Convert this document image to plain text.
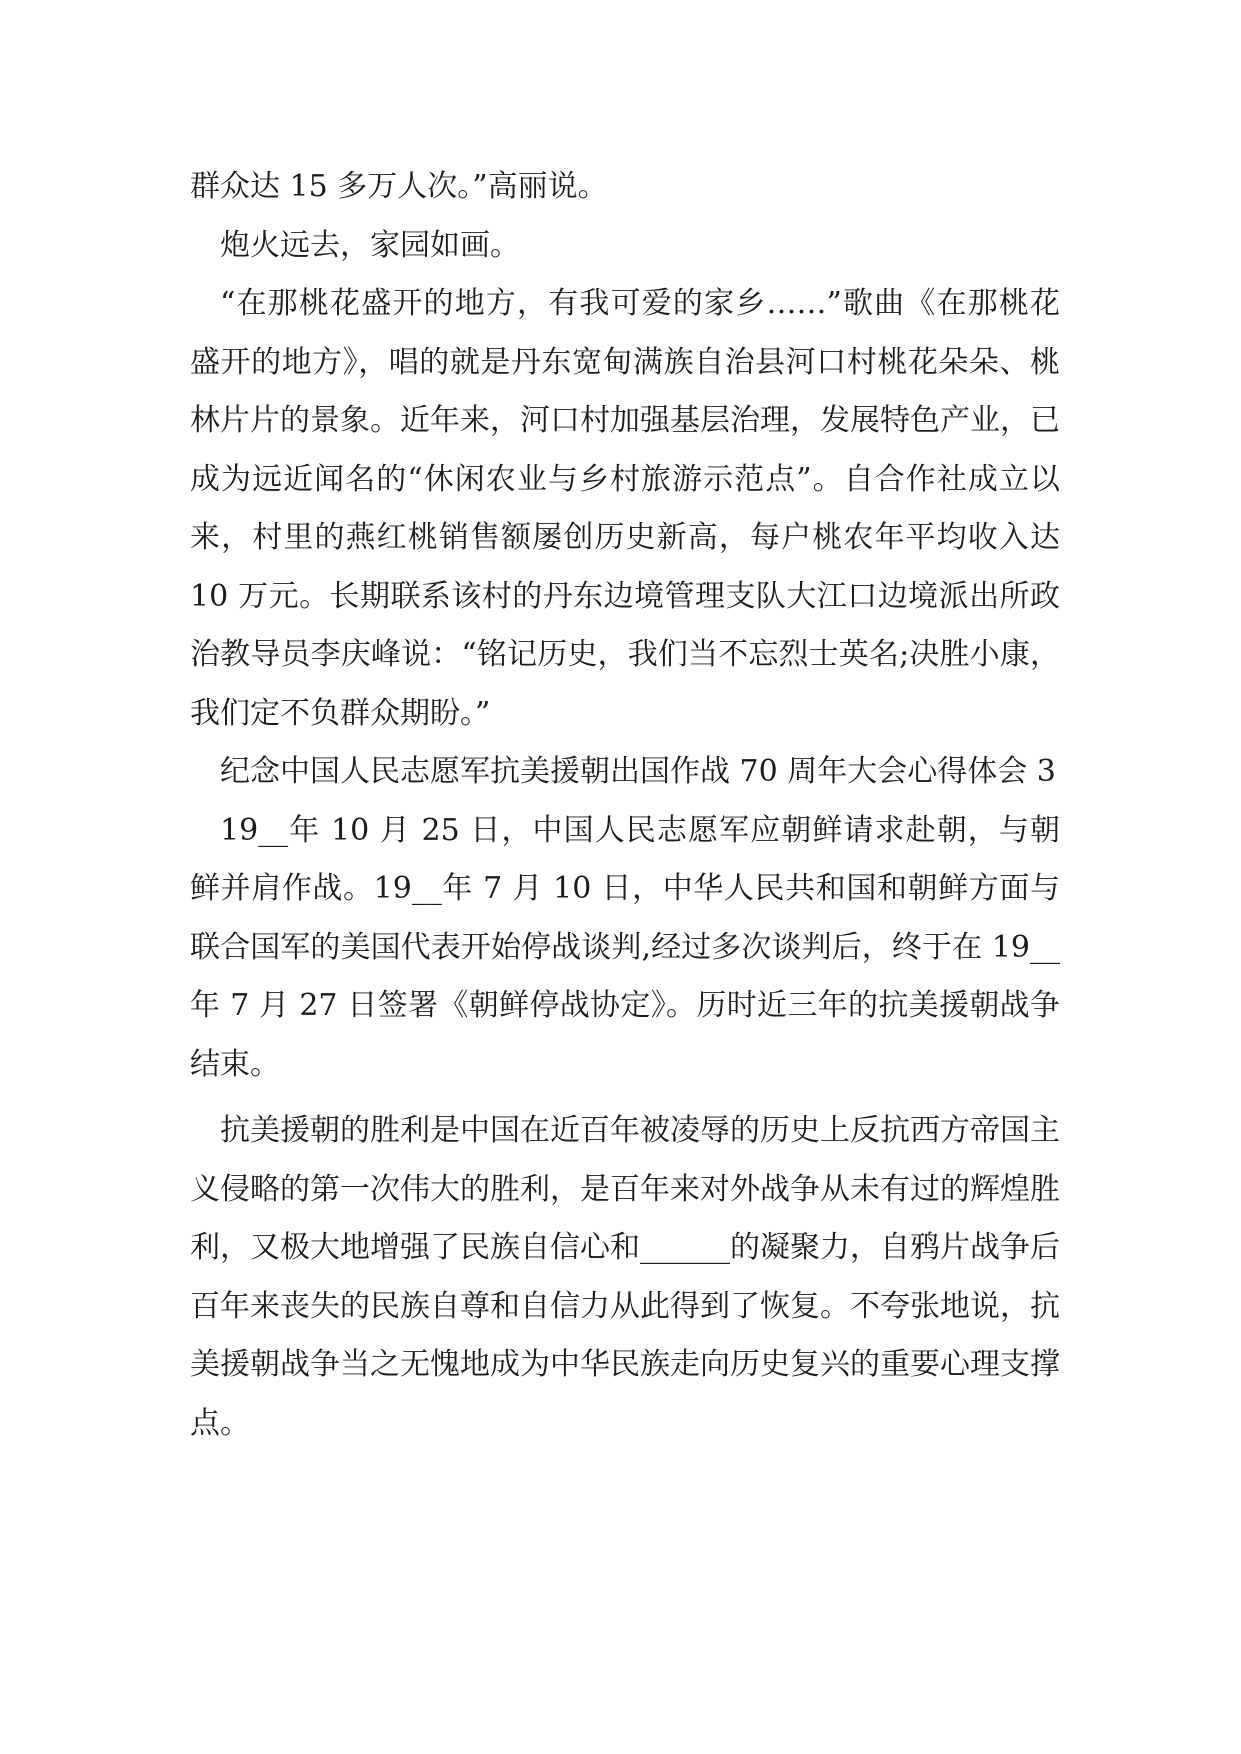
群众达 15 多万人次。”高丽说。

炮火远去，家园如画。

“在那桃花盛开的地方，有我可爱的家乡……”歌曲《在那桃花盛开的地方》，唱的就是丹东宽甸满族自治县河口村桃花朵朵、桃林片片的景象。近年来，河口村加强基层治理，发展特色产业，已成为远近闻名的“休闲农业与乡村旅游示范点”。自合作社成立以来，村里的燕红桃销售额屡创历史新高，每户桃农年平均收入达 10 万元。长期联系该村的丹东边境管理支队大江口边境派出所政治教导员李庆峰说：“铭记历史，我们当不忘烈士英名;决胜小康，我们定不负群众期盼。”

纪念中国人民志愿军抗美援朝出国作战 70 周年大会心得体会 3

19__年 10 月 25 日，中国人民志愿军应朝鲜请求赴朝，与朝鲜并肩作战。19__年 7 月 10 日，中华人民共和国和朝鲜方面与联合国军的美国代表开始停战谈判,经过多次谈判后，终于在 19__年 7 月 27 日签署《朝鲜停战协定》。历时近三年的抗美援朝战争结束。

抗美援朝的胜利是中国在近百年被凌辱的历史上反抗西方帝国主义侵略的第一次伟大的胜利，是百年来对外战争从未有过的辉煌胜利，又极大地增强了民族自信心和______的凝聚力，自鸦片战争后百年来丧失的民族自尊和自信力从此得到了恢复。不夸张地说，抗美援朝战争当之无愧地成为中华民族走向历史复兴的重要心理支撑点。
